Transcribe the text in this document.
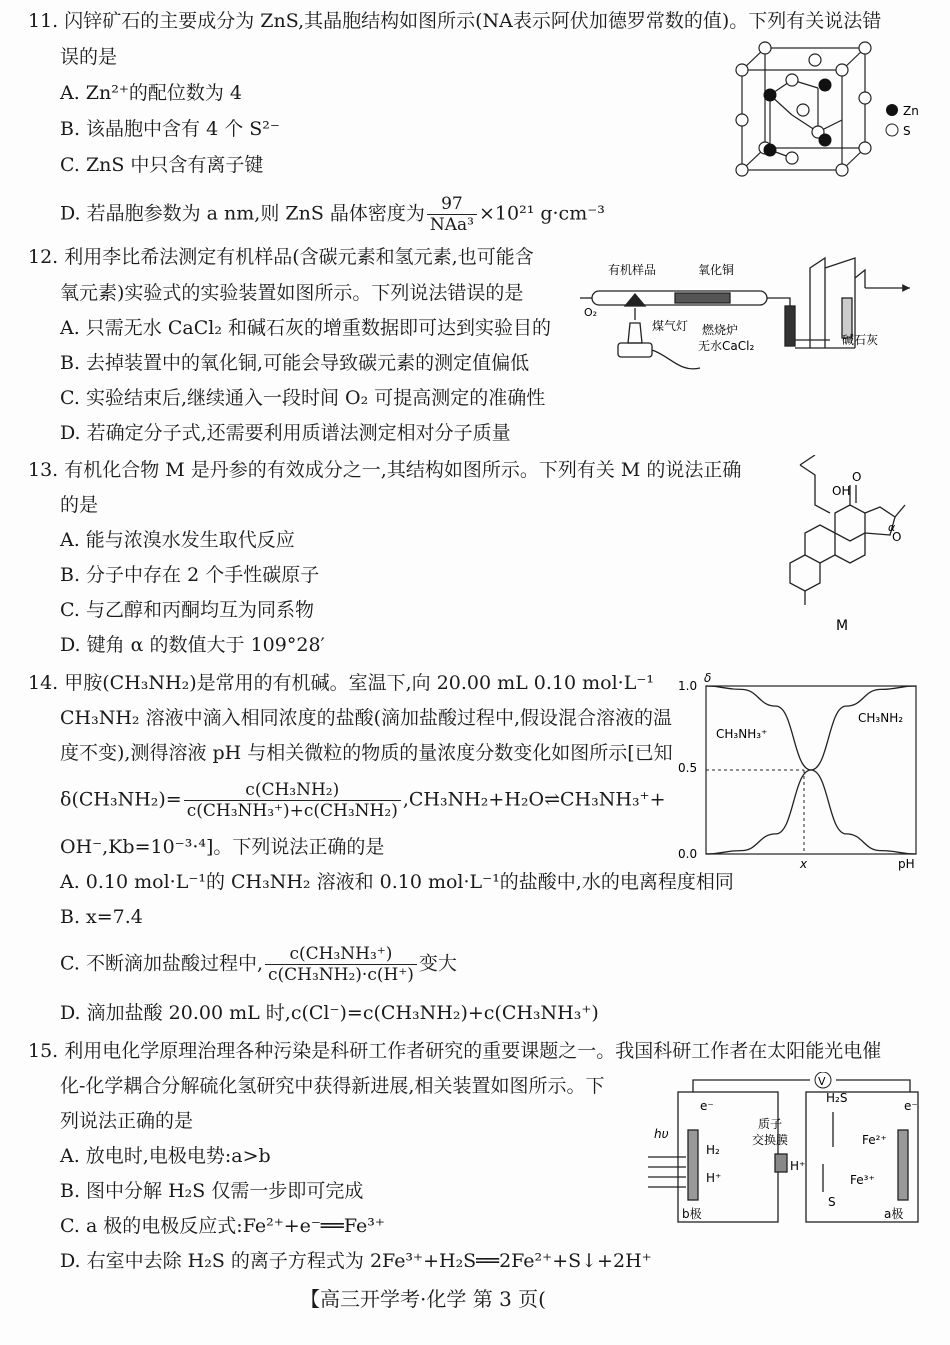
11. 闪锌矿石的主要成分为 ZnS,其晶胞结构如图所示(NA表示阿伏加德罗常数的值)。下列有关说法错
误的是
A. Zn²⁺的配位数为 4
B. 该晶胞中含有 4 个 S²⁻
C. ZnS 中只含有离子键
D. 若晶胞参数为 a nm,则 ZnS 晶体密度为 $\frac{97}{\text{NAa³}} \times 10^{21}$ g·cm⁻³
Zn
S
12. 利用李比希法测定有机样品(含碳元素和氢元素,也可能含
氧元素)实验式的实验装置如图所示。下列说法错误的是
A. 只需无水 CaCl₂ 和碱石灰的增重数据即可达到实验目的
B. 去掉装置中的氧化铜,可能会导致碳元素的测定值偏低
C. 实验结束后,继续通入一段时间 O₂ 可提高测定的准确性
D. 若确定分子式,还需要利用质谱法测定相对分子质量
有机样品	氧化铜
O₂
煤气灯 燃烧炉
无水CaCl₂	碱石灰
13. 有机化合物 M 是丹参的有效成分之一,其结构如图所示。下列有关 M 的说法正确
的是
A. 能与浓溴水发生取代反应
B. 分子中存在 2 个手性碳原子
C. 与乙醇和丙酮均互为同系物
D. 键角 α 的数值大于 109°28′
OH
O
O
α
M
14. 甲胺(CH₃NH₂)是常用的有机碱。室温下,向 20.00 mL 0.10 mol·L⁻¹
CH₃NH₂ 溶液中滴入相同浓度的盐酸(滴加盐酸过程中,假设混合溶液的温
度不变),测得溶液 pH 与相关微粒的物质的量浓度分数变化如图所示[已知
$\delta(CH_3NH_2)= \frac{\text{c(CH₃NH₂)}}{\text{c(CH₃NH₃⁺)+c(CH₃NH₂)}}$ ,CH₃NH₂+H₂O⇌CH₃NH₃⁺+
OH⁻,Kb=10⁻³·⁴]。下列说法正确的是
A. 0.10 mol·L⁻¹的 CH₃NH₂ 溶液和 0.10 mol·L⁻¹的盐酸中,水的电离程度相同
B. x=7.4
C. 不断滴加盐酸过程中, $\frac{\text{c(CH₃NH₃⁺)}}{\text{c(CH₃NH₂)·c(H⁺)}}$ 变大
D. 滴加盐酸 20.00 mL 时,c(Cl⁻)=c(CH₃NH₂)+c(CH₃NH₃⁺)
1.0
0.5
0.0
δ
pH
x
CH₃NH₃⁺
CH₃NH₂
15. 利用电化学原理治理各种污染是科研工作者研究的重要课题之一。我国科研工作者在太阳能光电催
化-化学耦合分解硫化氢研究中获得新进展,相关装置如图所示。下
列说法正确的是
A. 放电时,电极电势:a>b
B. 图中分解 H₂S 仅需一步即可完成
C. a 极的电极反应式:Fe²⁺+e⁻══Fe³⁺
D. 右室中去除 H₂S 的离子方程式为 2Fe³⁺+H₂S══2Fe²⁺+S↓+2H⁺
V
e⁻	e⁻
质子
交换膜
H₂S
hυ
H₂
H⁺
H⁺
Fe²⁺
Fe³⁺
S
b极	a极
【高三开学考·化学 第 3 页(
